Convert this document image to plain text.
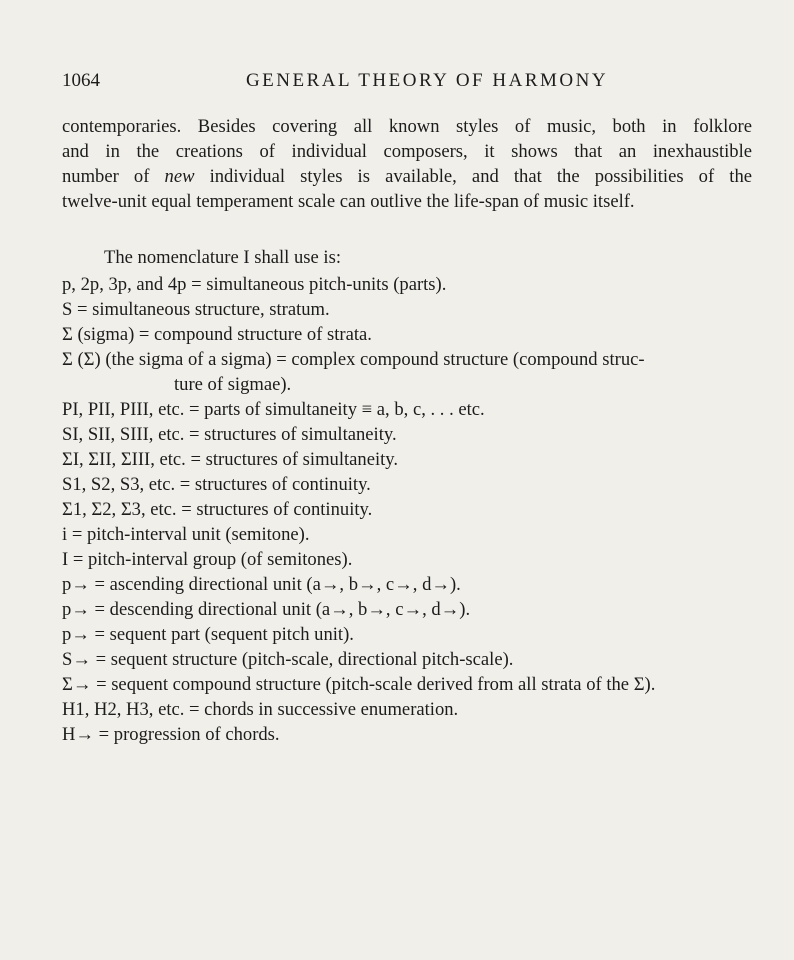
1064	GENERAL THEORY OF HARMONY

contemporaries. Besides covering all known styles of music, both in folklore

and in the creations of individual composers, it shows that an inexhaustible

number of new individual styles is available, and that the possibilities of the

twelve-unit equal temperament scale can outlive the life-span of music itself.

The nomenclature I shall use is:

p, 2p, 3p, and 4p = simultaneous pitch-units (parts).
S = simultaneous structure, stratum.
Σ (sigma) = compound structure of strata.
Σ (Σ) (the sigma of a sigma) = complex compound structure (compound struc-
ture of sigmae).
PI, PII, PIII, etc. = parts of simultaneity ≡ a, b, c, . . . etc.
SI, SII, SIII, etc. = structures of simultaneity.
ΣI, ΣII, ΣIII, etc. = structures of simultaneity.
S1, S2, S3, etc. = structures of continuity.
Σ1, Σ2, Σ3, etc. = structures of continuity.
i = pitch-interval unit (semitone).
I = pitch-interval group (of semitones).
p→ = ascending directional unit (a→, b→, c→, d→).
p→ = descending directional unit (a→, b→, c→, d→).
p→ = sequent part (sequent pitch unit).
S→ = sequent structure (pitch-scale, directional pitch-scale).
Σ→ = sequent compound structure (pitch-scale derived from all strata of the Σ).
H1, H2, H3, etc. = chords in successive enumeration.
H→ = progression of chords.
